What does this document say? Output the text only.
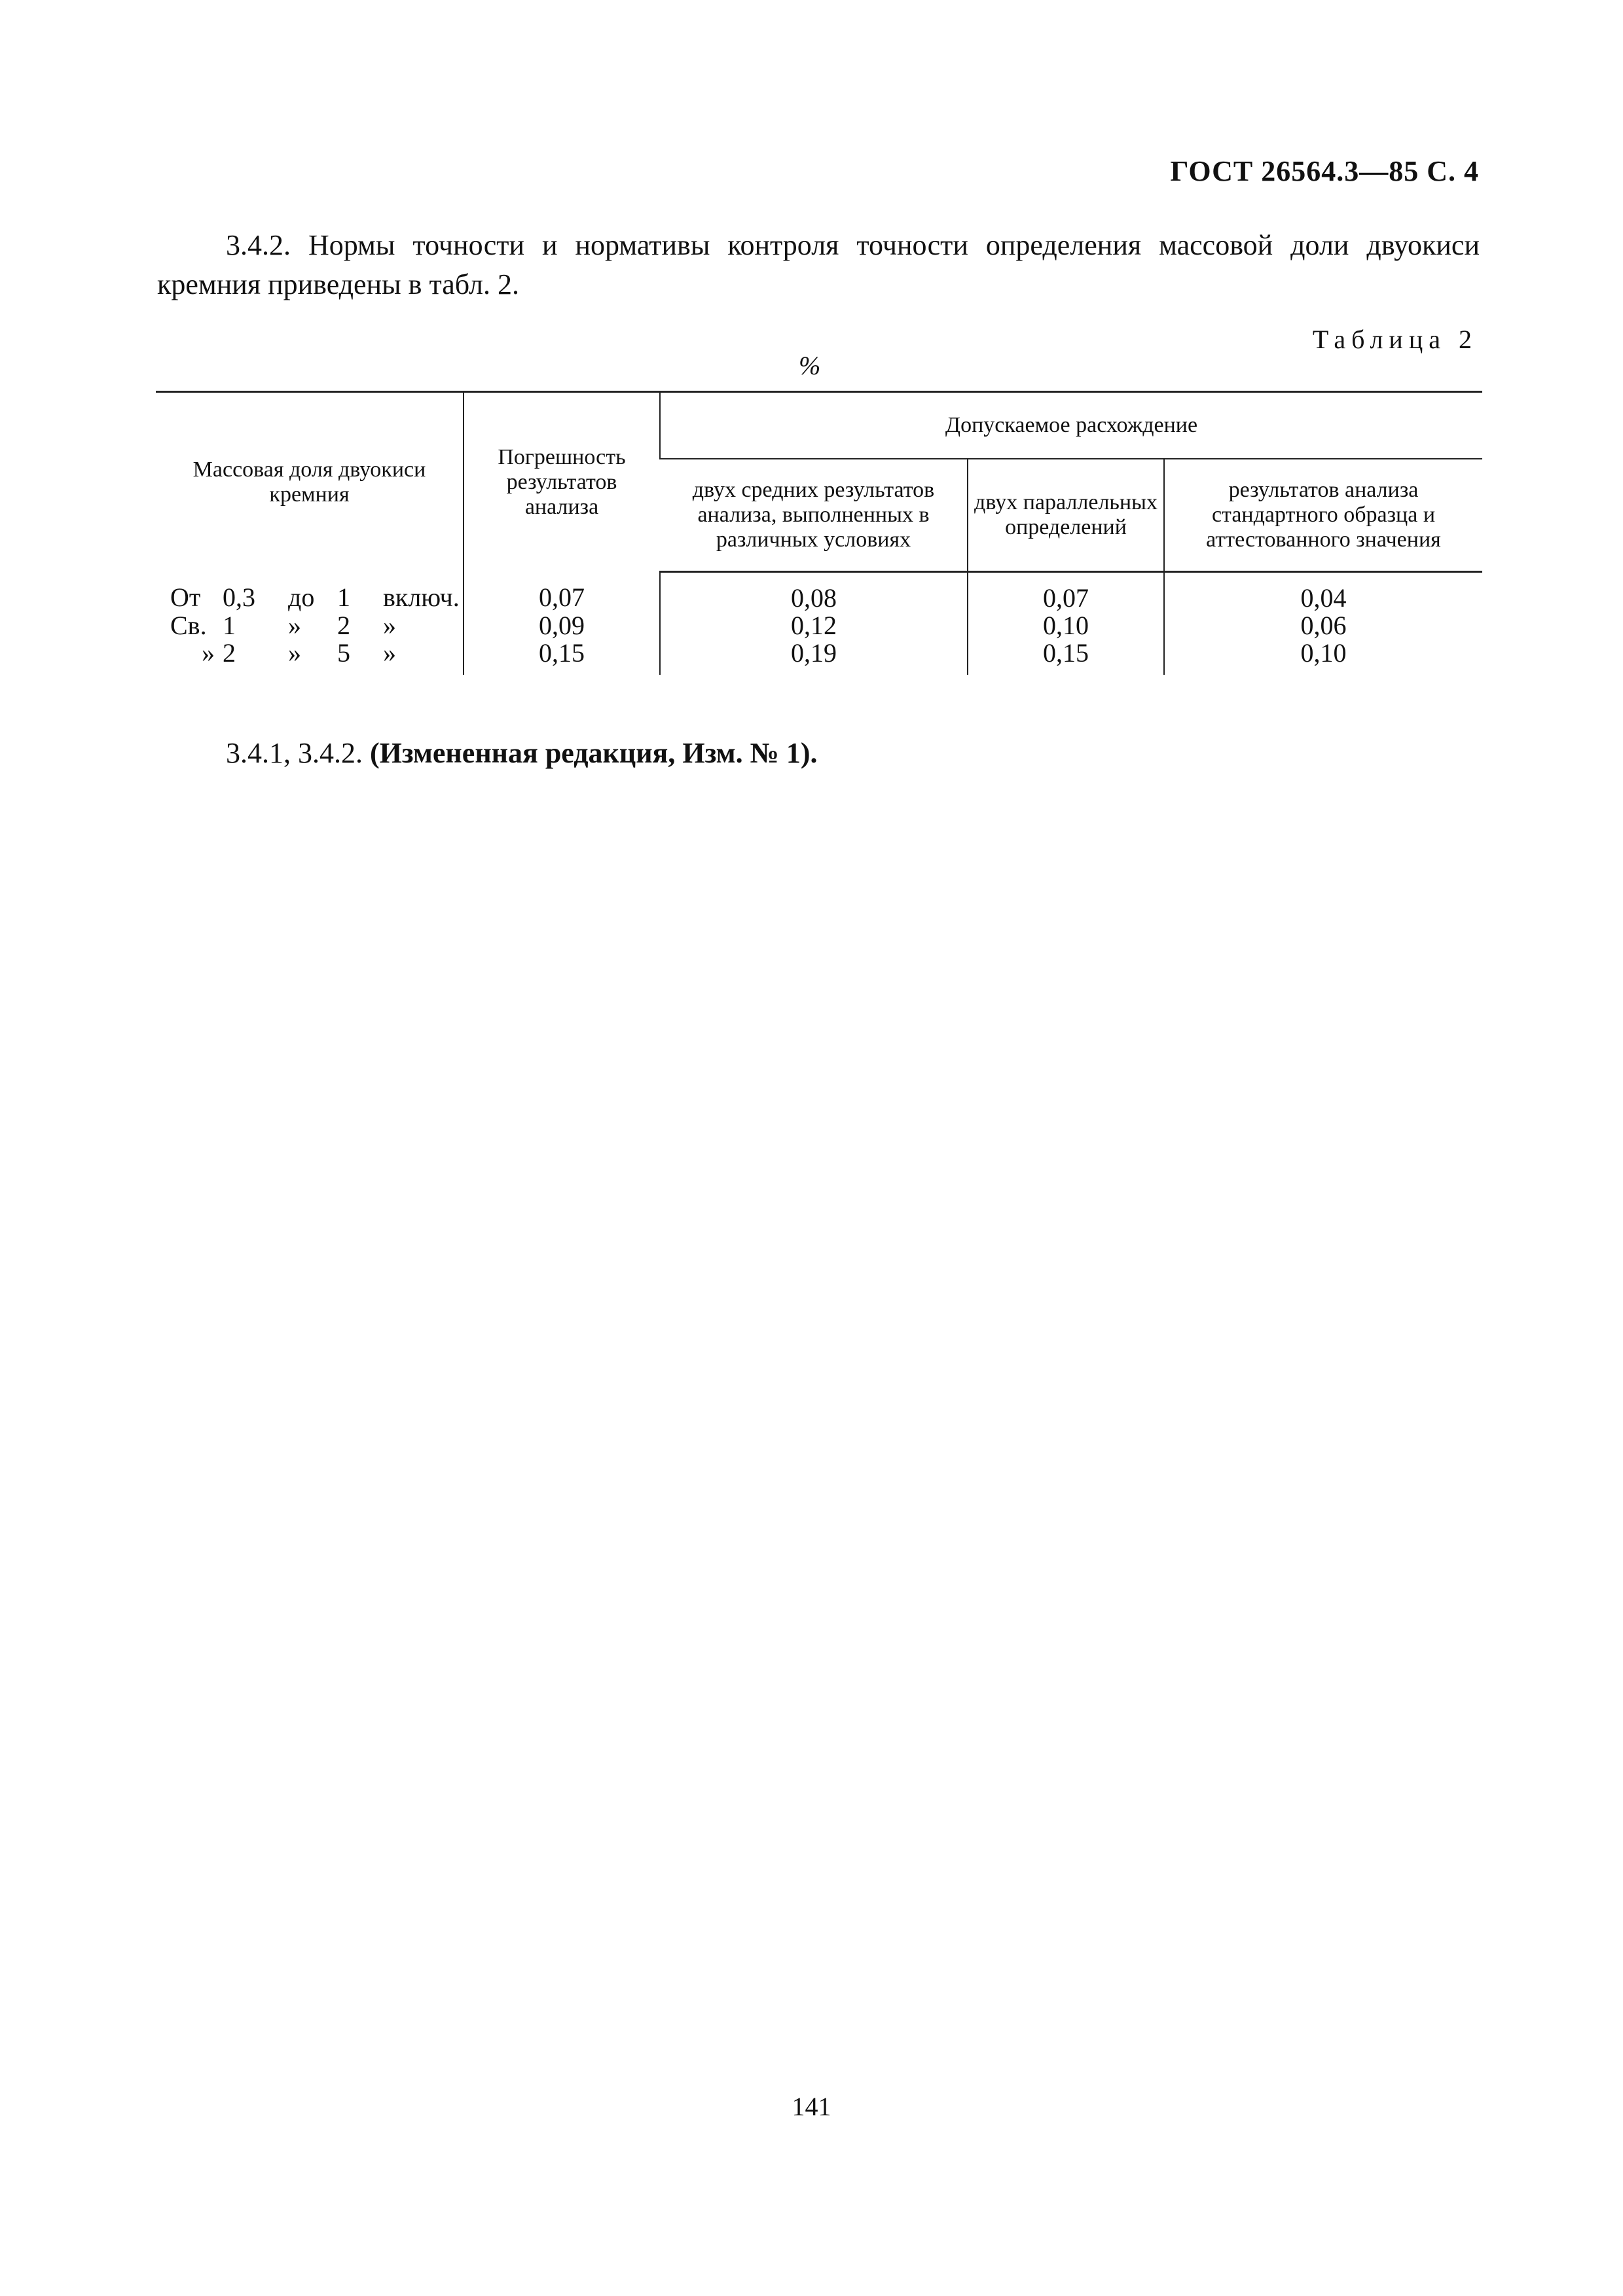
ГОСТ 26564.3—85 С. 4
3.4.2. Нормы точности и нормативы контроля точности определения массовой доли двуокиси кремния приведены в табл. 2.
Таблица 2
%
Массовая доля двуокиси кремния	Погрешность результатов анализа	Допускаемое расхождение		
		двух средних результатов анализа, выполненных в различных условиях	двух параллельных определений	результатов анализа стандартного образца и аттестованного значения
От 0,3 до 1 включ.	0,07	0,08	0,07	0,04
Св. 1 » 2 »	0,09	0,12	0,10	0,06
» 2 » 5 »	0,15	0,19	0,15	0,10
3.4.1, 3.4.2. (Измененная редакция, Изм. № 1).
141
